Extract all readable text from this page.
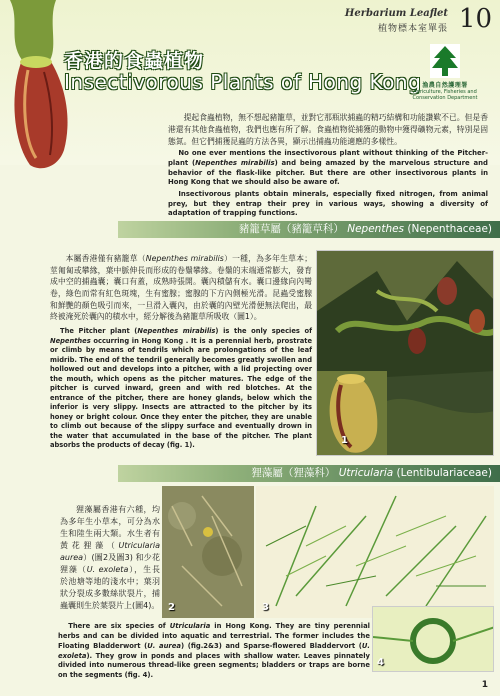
Herbarium Leaflet
植物標本室單張 10
香港的食蟲植物
Insectivorous Plants of Hong Kong 漁農自然護理署
Agriculture, Fisheries and
Conservation Department

提起食蟲植物，無不想起豬籠草，並對它那瓶狀捕蟲的精巧結構和功能讚歎不已。但是香港還有其他食蟲植物，我們也應有所了解。食蟲植物從捕獲的動物中獲得礦物元素，特別是固態氮。但它們捕獲昆蟲的方法各異，顯示出捕蟲功能適應的多樣性。

No one ever mentions the insectivorous plant without thinking of the Pitcher-plant (Nepenthes mirabilis) and being amazed by the marvelous structure and behavior of the flask-like pitcher. But there are other insectivorous plants in Hong Kong that we should also be aware of.

Insectivorous plants obtain minerals, especially fixed nitrogen, from animal prey, but they entrap their prey in various ways, showing a diversity of adaptation of trapping functions.

豬籠草屬（豬籠草科） Nepenthes (Nepenthaceae)

本屬香港僅有豬籠草（Nepenthes mirabilis）一種，為多年生草本；莖匍匐或攀緣，葉中脈伸長而形成的卷鬚攀緣。卷鬚的末端通常膨大，發育成中空的捕蟲囊；囊口有蓋，成熟時張開。囊內積儲有水。囊口邊緣向內彎卷，綠色而常有紅色斑塊，生有蜜腺；蜜腺的下方內側極光滑。昆蟲受蜜腺和鮮艷的顏色吸引而來，一旦滑入囊內，由於囊的內壁光滑便無法爬出，最終被淹死於囊內的積水中，經分解後為豬籠草所吸收（圖1）。

The Pitcher plant (Nepenthes mirabilis) is the only species of Nepenthes occurring in Hong Kong . It is a perennial herb, prostrate or climb by means of tendrils which are prolongations of the leaf midrib. The end of the tendril generally becomes greatly swollen and hollowed out and develops into a pitcher, with a lid projecting over the mouth, which opens as the pitcher matures. The edge of the pitcher is curved inward, green and with red blotches. At the entrance of the pitcher, there are honey glands, below which the inferior is very slippy. Insects are attracted to the pitcher by its honey or bright colour. Once they enter the pitcher, they are unable to climb out because of the slippy surface and eventually drown in the water that accumulated in the base of the pitcher. The plant absorbs the products of decay (fig. 1).	1
狸藻屬（狸藻科） Utricularia (Lentibulariaceae)

狸藻屬香港有六種，均為多年生小草本，可分為水生和陸生兩大類。水生者有黃花狸藻（Utricularia aurea）(圖2及圖3) 和少花狸藻（U. exoleta），生長於池塘等地的淺水中；葉羽狀分裂成多數絲狀裂片，捕蟲囊則生於葉裂片上(圖4)。 2	3
4

There are six species of Utricularia in Hong Kong. They are tiny perennial herbs and can be divided into aquatic and terrestrial. The former includes the Floating Bladderwort (U. aurea) (fig.2&3) and Sparse-flowered Bladdervort (U. exoleta). They grow in ponds and places with shallow water. Leaves pinnately divided into numerous thread-like green segments; bladders or traps are borne on the segments (fig. 4).

1
